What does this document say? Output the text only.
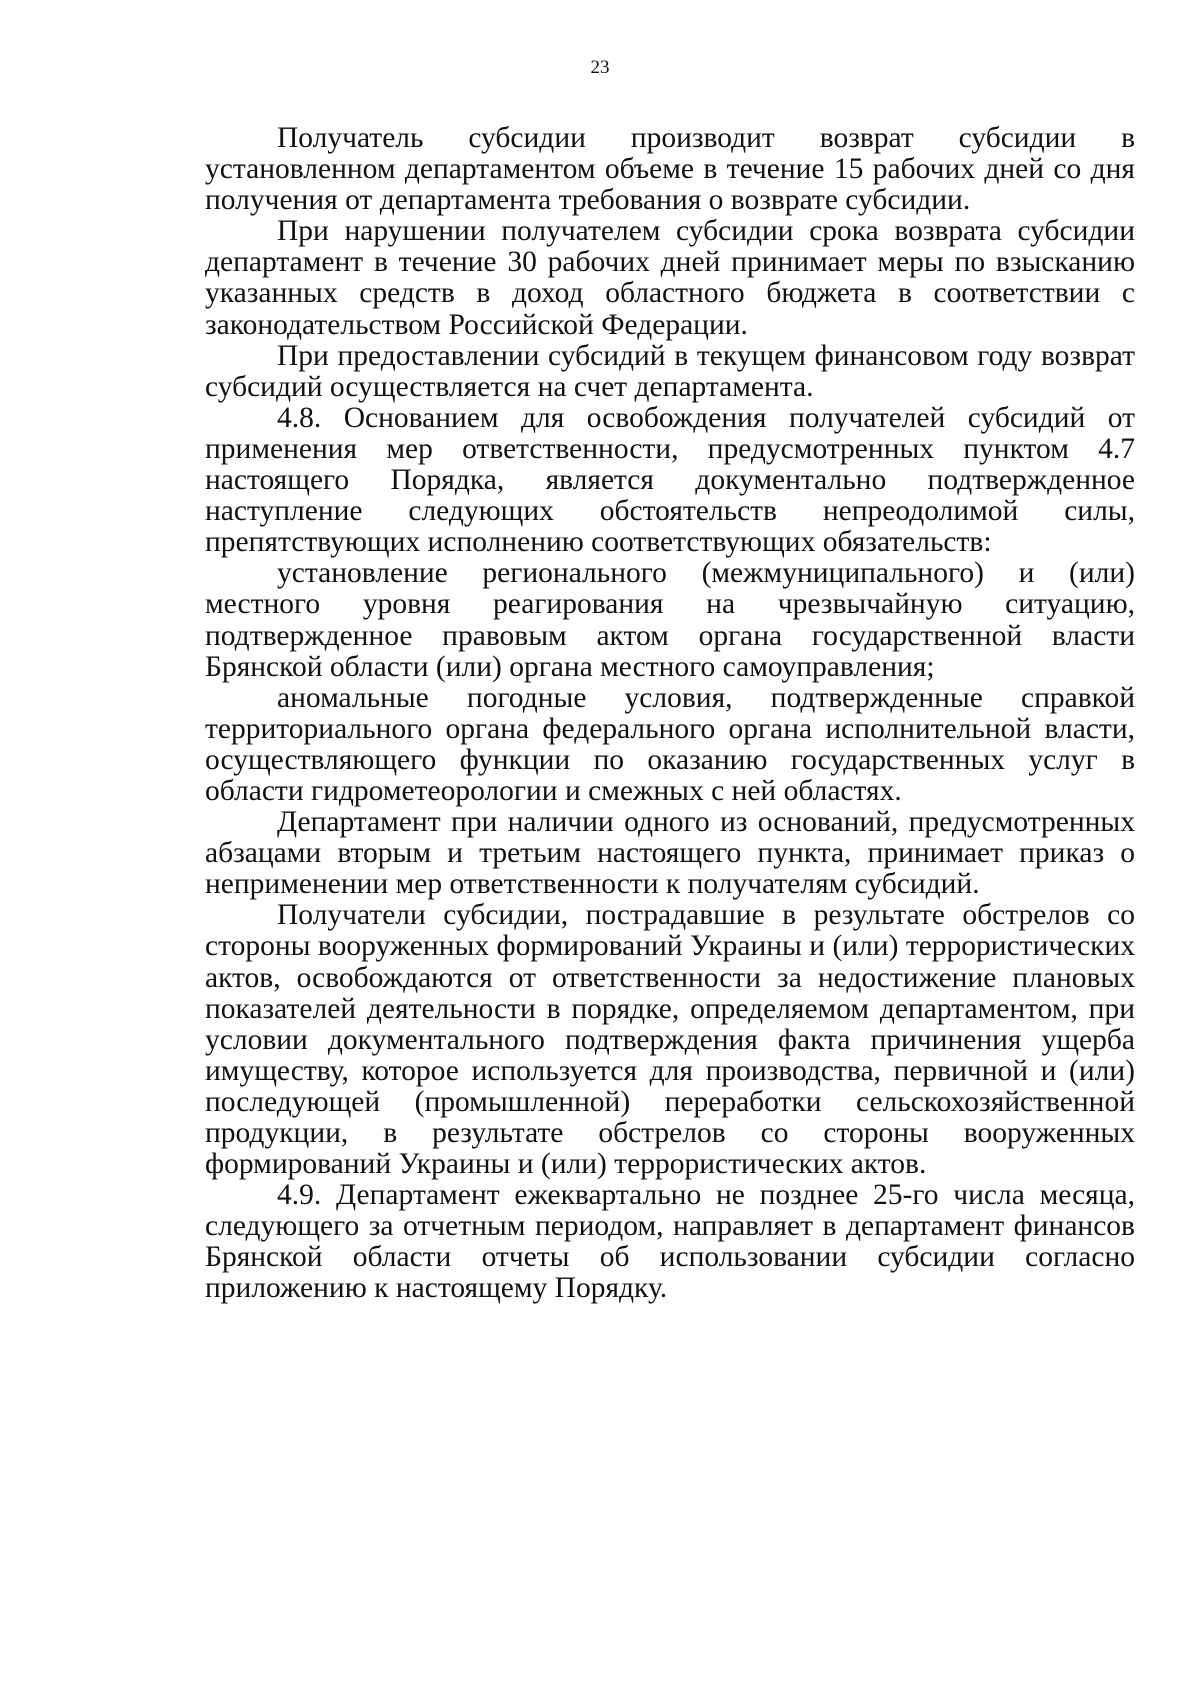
23

Получатель субсидии производит возврат субсидии в установленном департаментом объеме в течение 15 рабочих дней со дня получения от департамента требования о возврате субсидии.

При нарушении получателем субсидии срока возврата субсидии департамент в течение 30 рабочих дней принимает меры по взысканию указанных средств в доход областного бюджета в соответствии с законодательством Российской Федерации.

При предоставлении субсидий в текущем финансовом году возврат субсидий осуществляется на счет департамента.

4.8. Основанием для освобождения получателей субсидий от применения мер ответственности, предусмотренных пунктом 4.7 настоящего Порядка, является документально подтвержденное наступление следующих обстоятельств непреодолимой силы, препятствующих исполнению соответствующих обязательств:

установление регионального (межмуниципального) и (или) местного уровня реагирования на чрезвычайную ситуацию, подтвержденное правовым актом органа государственной власти Брянской области (или) органа местного самоуправления;

аномальные погодные условия, подтвержденные справкой территориального органа федерального органа исполнительной власти, осуществляющего функции по оказанию государственных услуг в области гидрометеорологии и смежных с ней областях.

Департамент при наличии одного из оснований, предусмотренных абзацами вторым и третьим настоящего пункта, принимает приказ о неприменении мер ответственности к получателям субсидий.

Получатели субсидии, пострадавшие в результате обстрелов со стороны вооруженных формирований Украины и (или) террористических актов, освобождаются от ответственности за недостижение плановых показателей деятельности в порядке, определяемом департаментом, при условии документального подтверждения факта причинения ущерба имуществу, которое используется для производства, первичной и (или) последующей (промышленной) переработки сельскохозяйственной продукции, в результате обстрелов со стороны вооруженных формирований Украины и (или) террористических актов.

4.9. Департамент ежеквартально не позднее 25-го числа месяца, следующего за отчетным периодом, направляет в департамент финансов Брянской области отчеты об использовании субсидии согласно приложению к настоящему Порядку.
